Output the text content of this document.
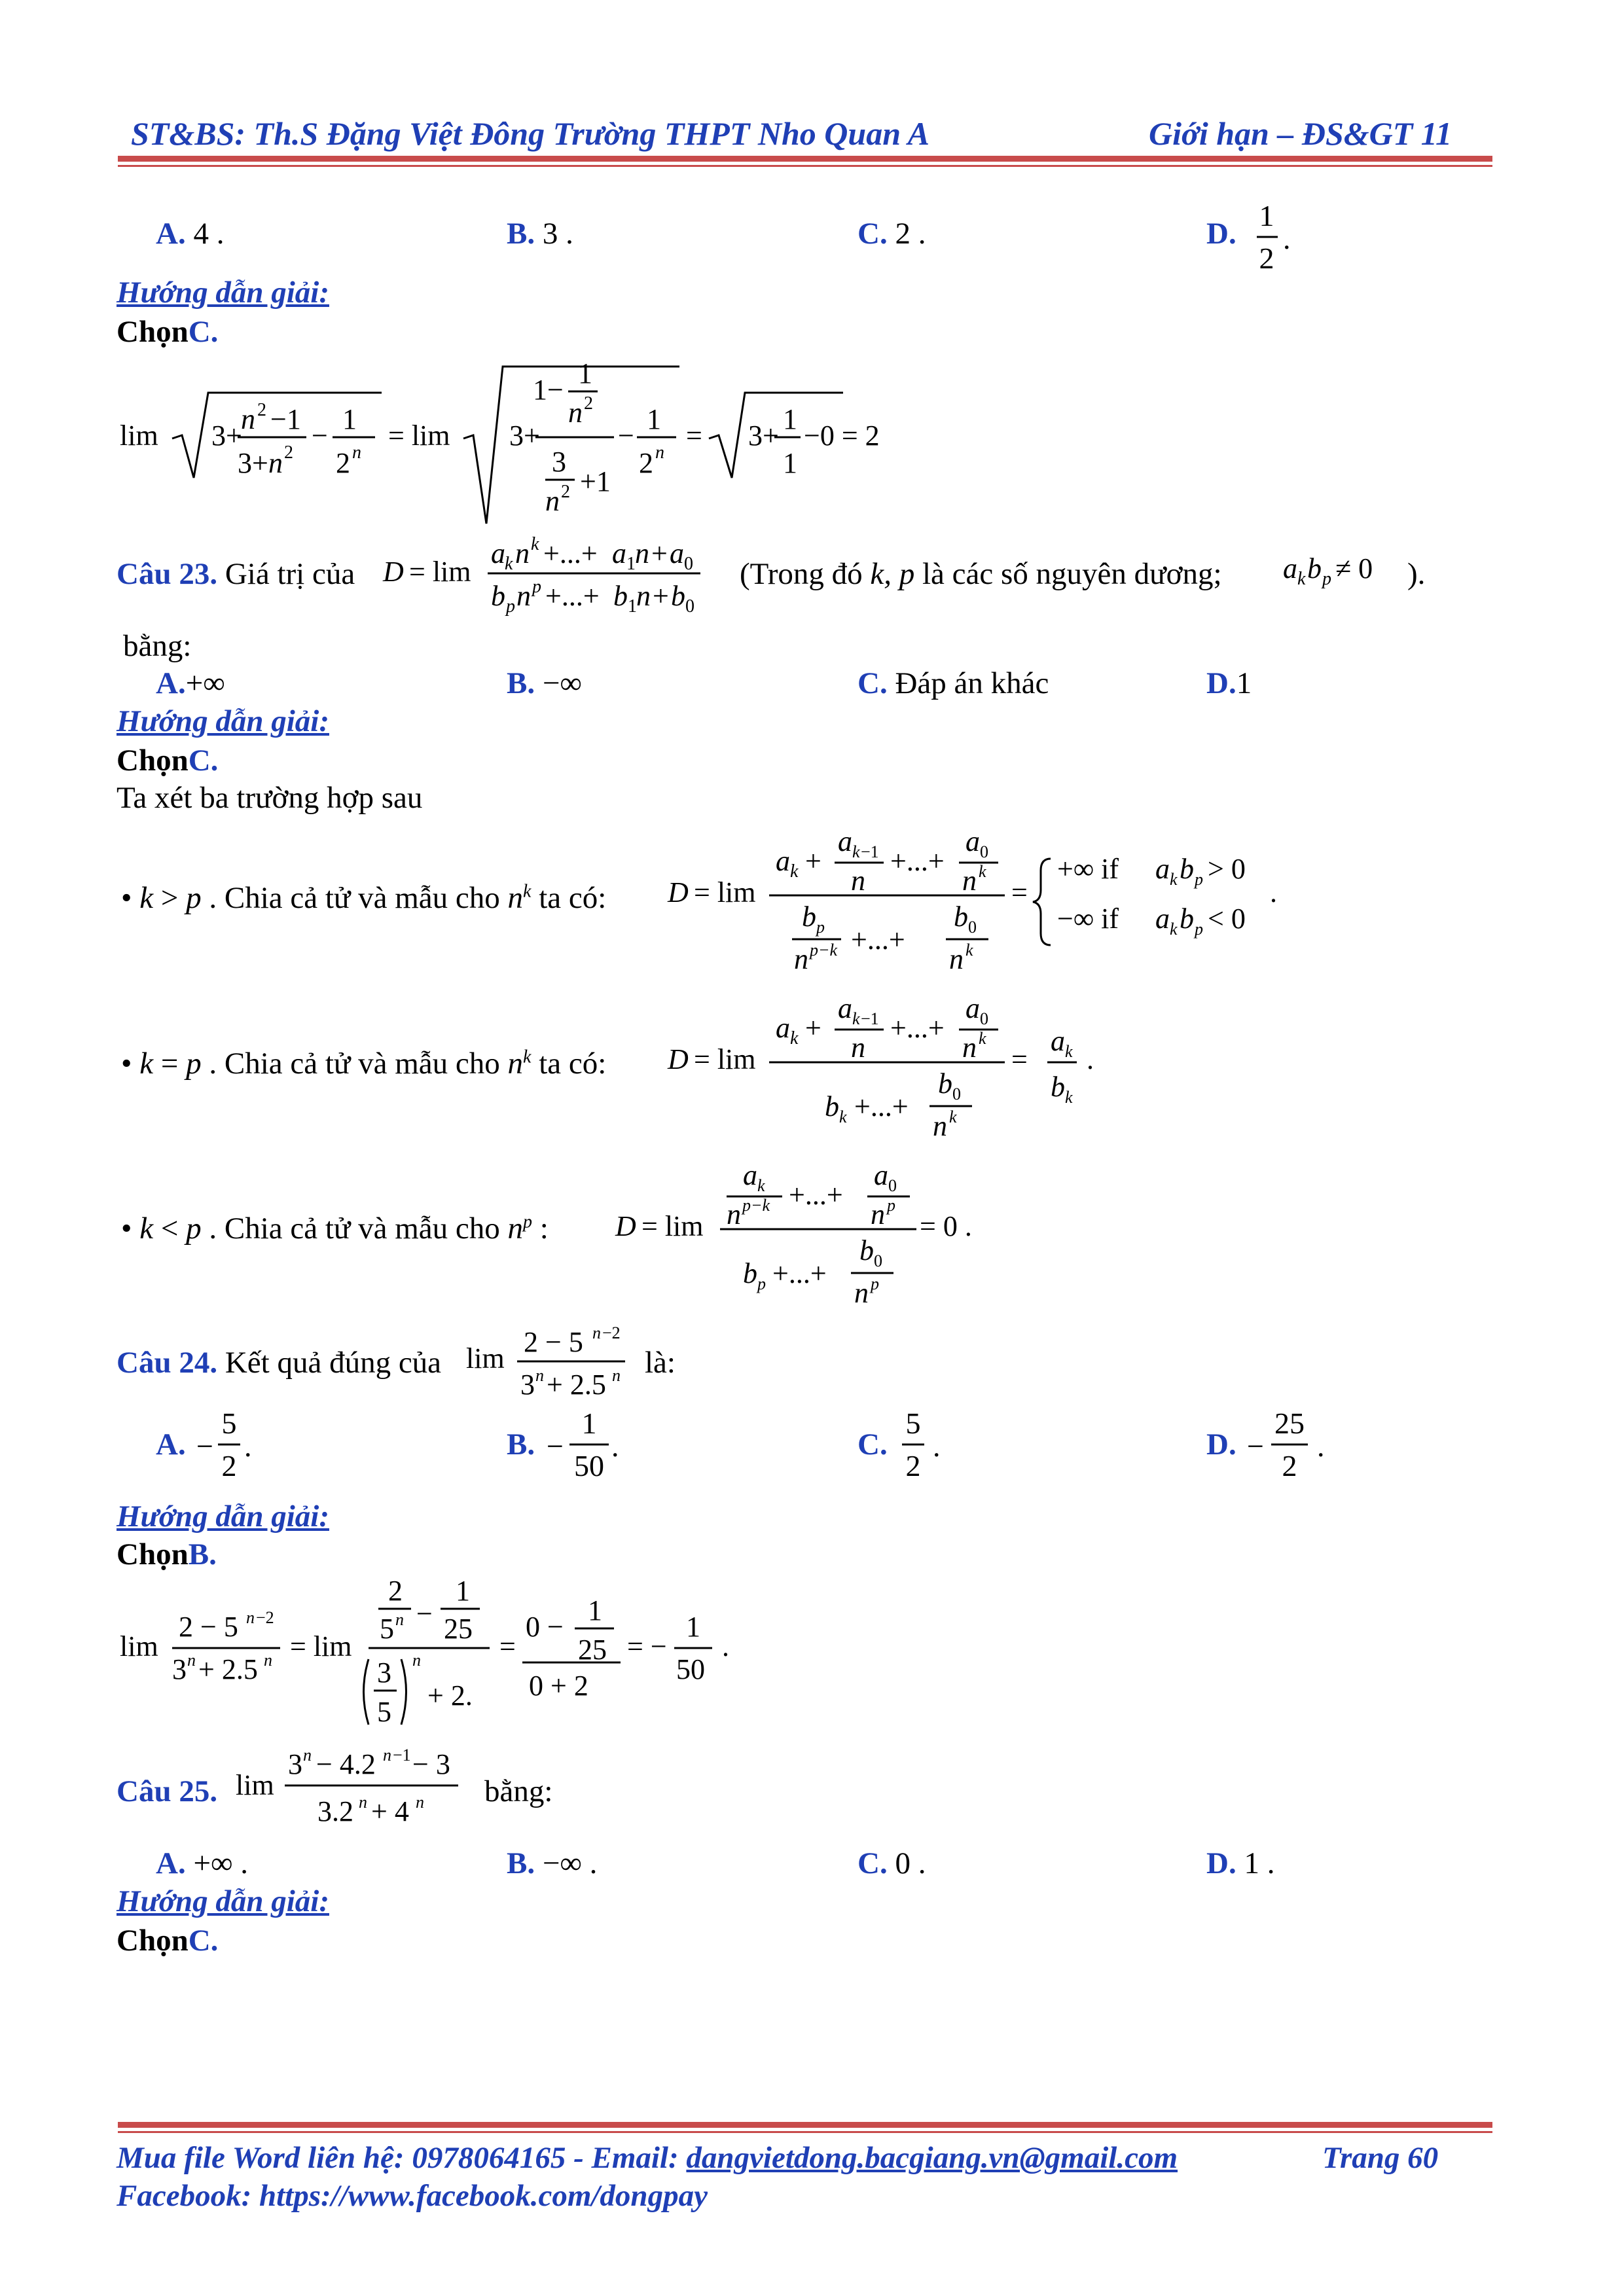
ST&BS: Th.S Đặng Việt Đông Trường THPT Nho Quan A	Giới hạn – ĐS&GT 11
A. 4 .	B. 3 .	C. 2 .	D.
1
2
.
Hướng dẫn giải:
ChọnC.
lim 3+
n 2 −1
3+ n 2
−
1
2 n
= lim 3+
1−
1
n 2
3
n 2 +1
−
1
2 n
= 3+
1
1
−0 = 2
Câu 23. Giá trị của D = lim
a k n k +...+ a 1 n + a 0
b p n p +...+ b 1 n + b 0
(Trong đó k, p là các số nguyên dương; a k b p ≠ 0 ).
bằng:
A.+∞	B. −∞	C. Đáp án khác	D.1
Hướng dẫn giải:
ChọnC.
Ta xét ba trường hợp sau
• k > p . Chia cả tử và mẫu cho $n^k$ ta có: D = lim
a k +
a k −1
n
+...+
a 0
n k
b p
n p−k +...+
b 0
n k
=
+∞ if a k b p > 0
−∞ if a k b p < 0
.
• k = p . Chia cả tử và mẫu cho $n^k$ ta có: D = lim
a k +
a k −1
n
+...+
a 0
n k
b k +...+
b 0
n k
=
a k
b k
.
• k < p . Chia cả tử và mẫu cho $n^p$ : D = lim
a k
n p−k +...+
a 0
n p
b p +...+
b 0
n p
= 0 .
Câu 24. Kết quả đúng của lim
2 − 5 n −2
3 n + 2.5 n là:
A. −
5
2
.	B. −
1
50
.	C.
5
2
.	D. −
25
2
.
Hướng dẫn giải:
ChọnB.
lim
2 − 5 n −2
3 n + 2.5 n = lim
2
5 n −
1
25
3
5
n
+ 2.
=
0 −
1
25
0 + 2
= −
1
50
.
Câu 25. lim
3 n − 4.2 n −1 − 3
3.2 n + 4 n bằng:
A. +∞ .	B. −∞ .	C. 0 .	D. 1 .
Hướng dẫn giải:
ChọnC.
Mua file Word liên hệ: 0978064165 - Email: dangvietdong.bacgiang.vn@gmail.com	Trang 60
Facebook: https://www.facebook.com/dongpay
